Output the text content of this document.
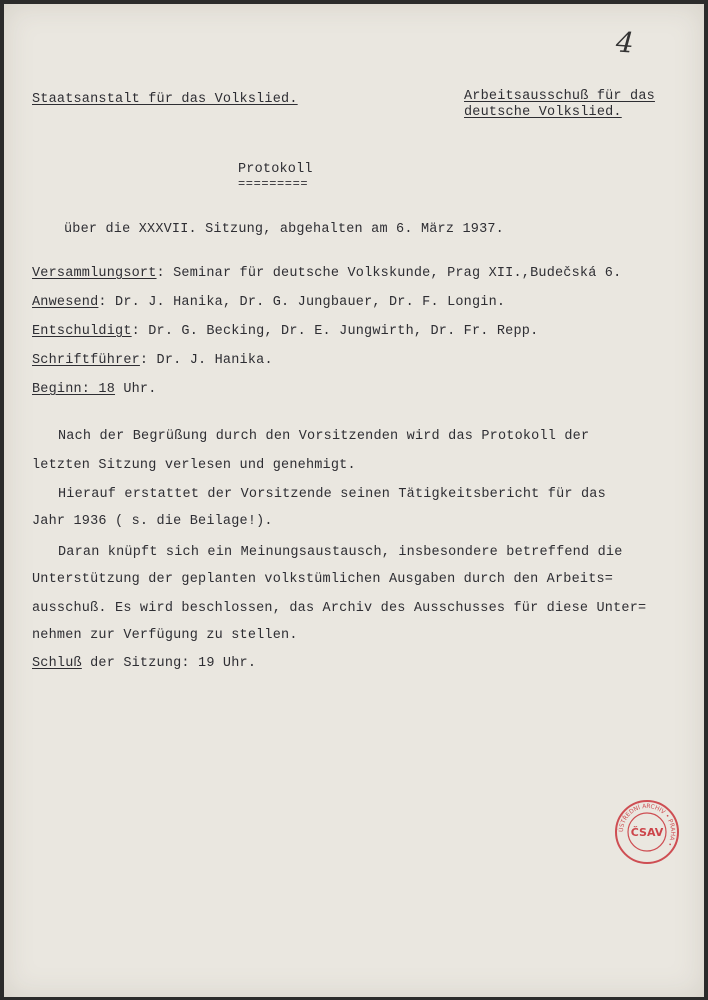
4
Staatsanstalt für das Volkslied.	Arbeitsausschuß für das
deutsche Volkslied.
Protokoll
=========
über die XXXVII. Sitzung, abgehalten am 6. März 1937.
Versammlungsort: Seminar für deutsche Volkskunde, Prag XII.,Budečská 6.
Anwesend: Dr. J. Hanika, Dr. G. Jungbauer, Dr. F. Longin.
Entschuldigt: Dr. G. Becking, Dr. E. Jungwirth, Dr. Fr. Repp.
Schriftführer: Dr. J. Hanika.
Beginn: 18 Uhr.
Nach der Begrüßung durch den Vorsitzenden wird das Protokoll der
letzten Sitzung verlesen und genehmigt.
Hierauf erstattet der Vorsitzende seinen Tätigkeitsbericht für das
Jahr 1936 ( s. die Beilage!).
Daran knüpft sich ein Meinungsaustausch, insbesondere betreffend die
Unterstützung der geplanten volkstümlichen Ausgaben durch den Arbeits=
ausschuß. Es wird beschlossen, das Archiv des Ausschusses für diese Unter=
nehmen zur Verfügung zu stellen.
Schluß der Sitzung: 19 Uhr.
ÚSTŘEDNÍ ARCHIV • PRAHA •
ČSAV
